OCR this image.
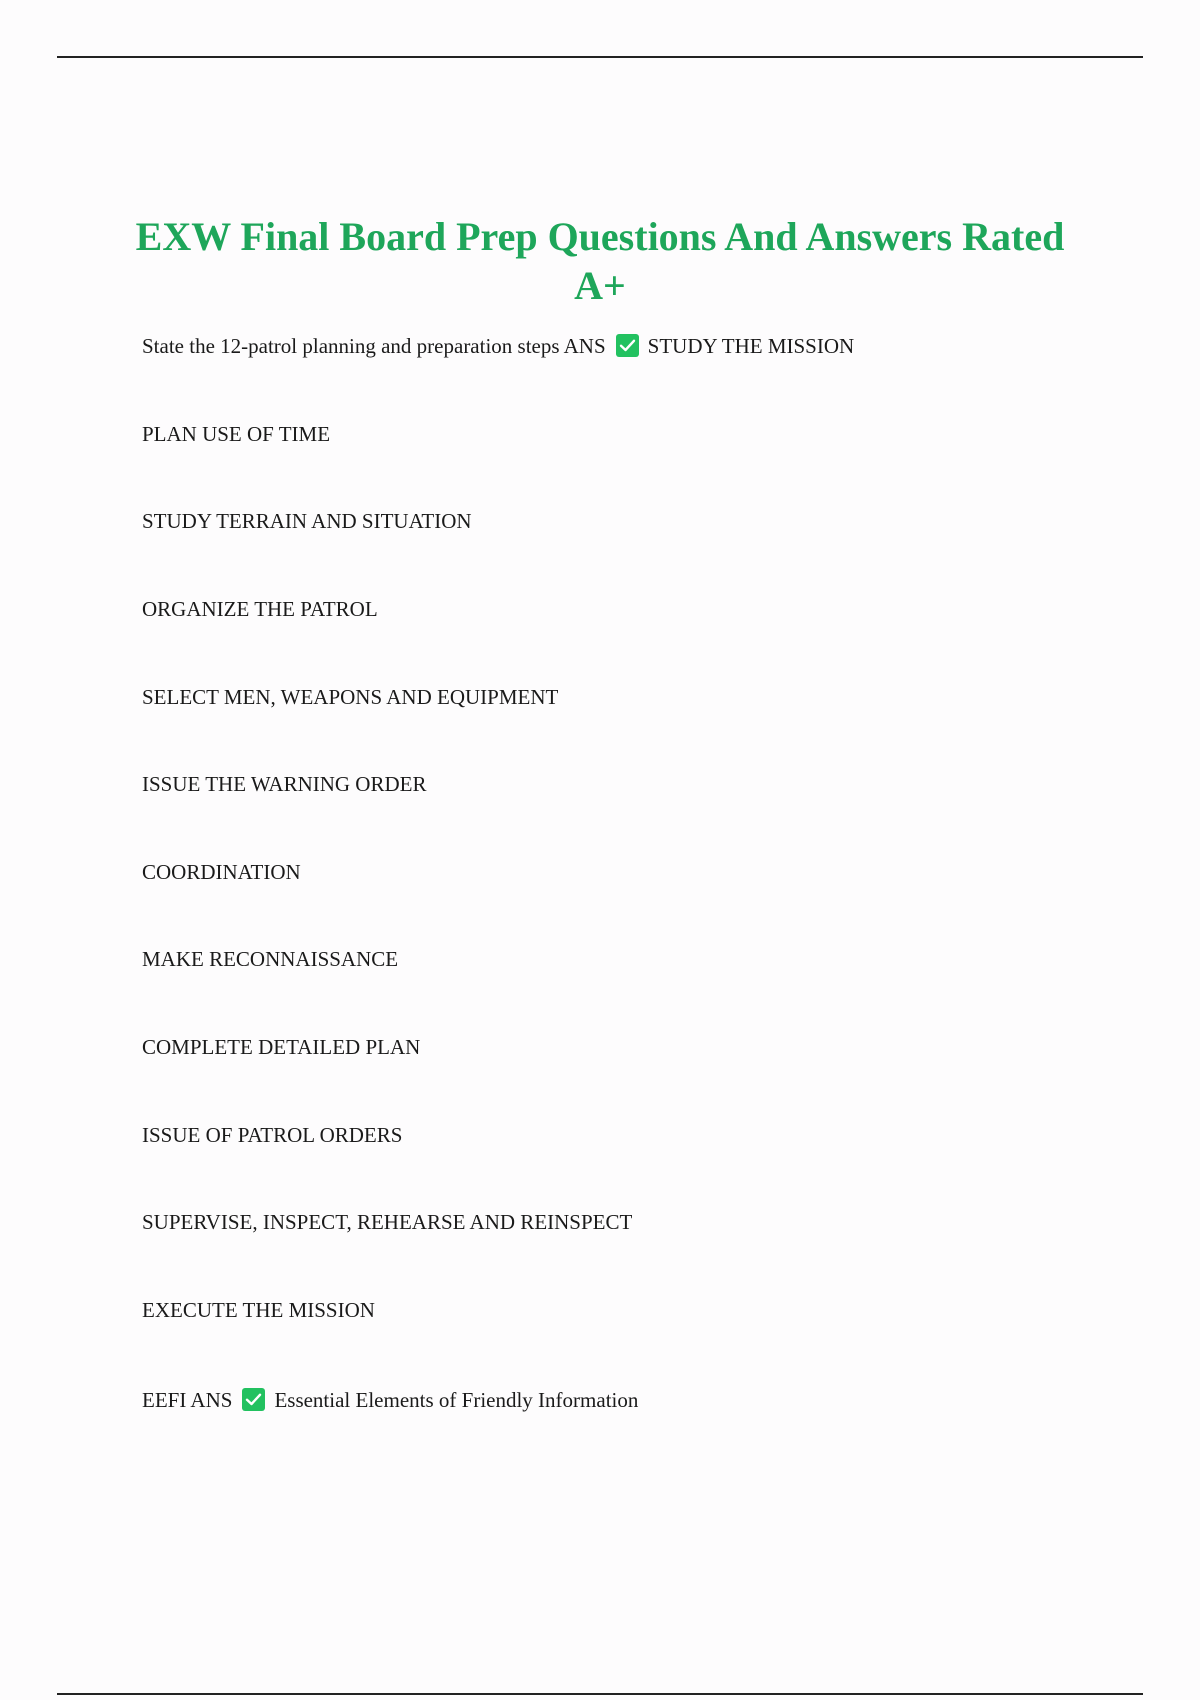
EXW Final Board Prep Questions And Answers Rated A+
State the 12-patrol planning and preparation steps ANS STUDY THE MISSION
PLAN USE OF TIME
STUDY TERRAIN AND SITUATION
ORGANIZE THE PATROL
SELECT MEN, WEAPONS AND EQUIPMENT
ISSUE THE WARNING ORDER
COORDINATION
MAKE RECONNAISSANCE
COMPLETE DETAILED PLAN
ISSUE OF PATROL ORDERS
SUPERVISE, INSPECT, REHEARSE AND REINSPECT
EXECUTE THE MISSION
EEFI ANS Essential Elements of Friendly Information
